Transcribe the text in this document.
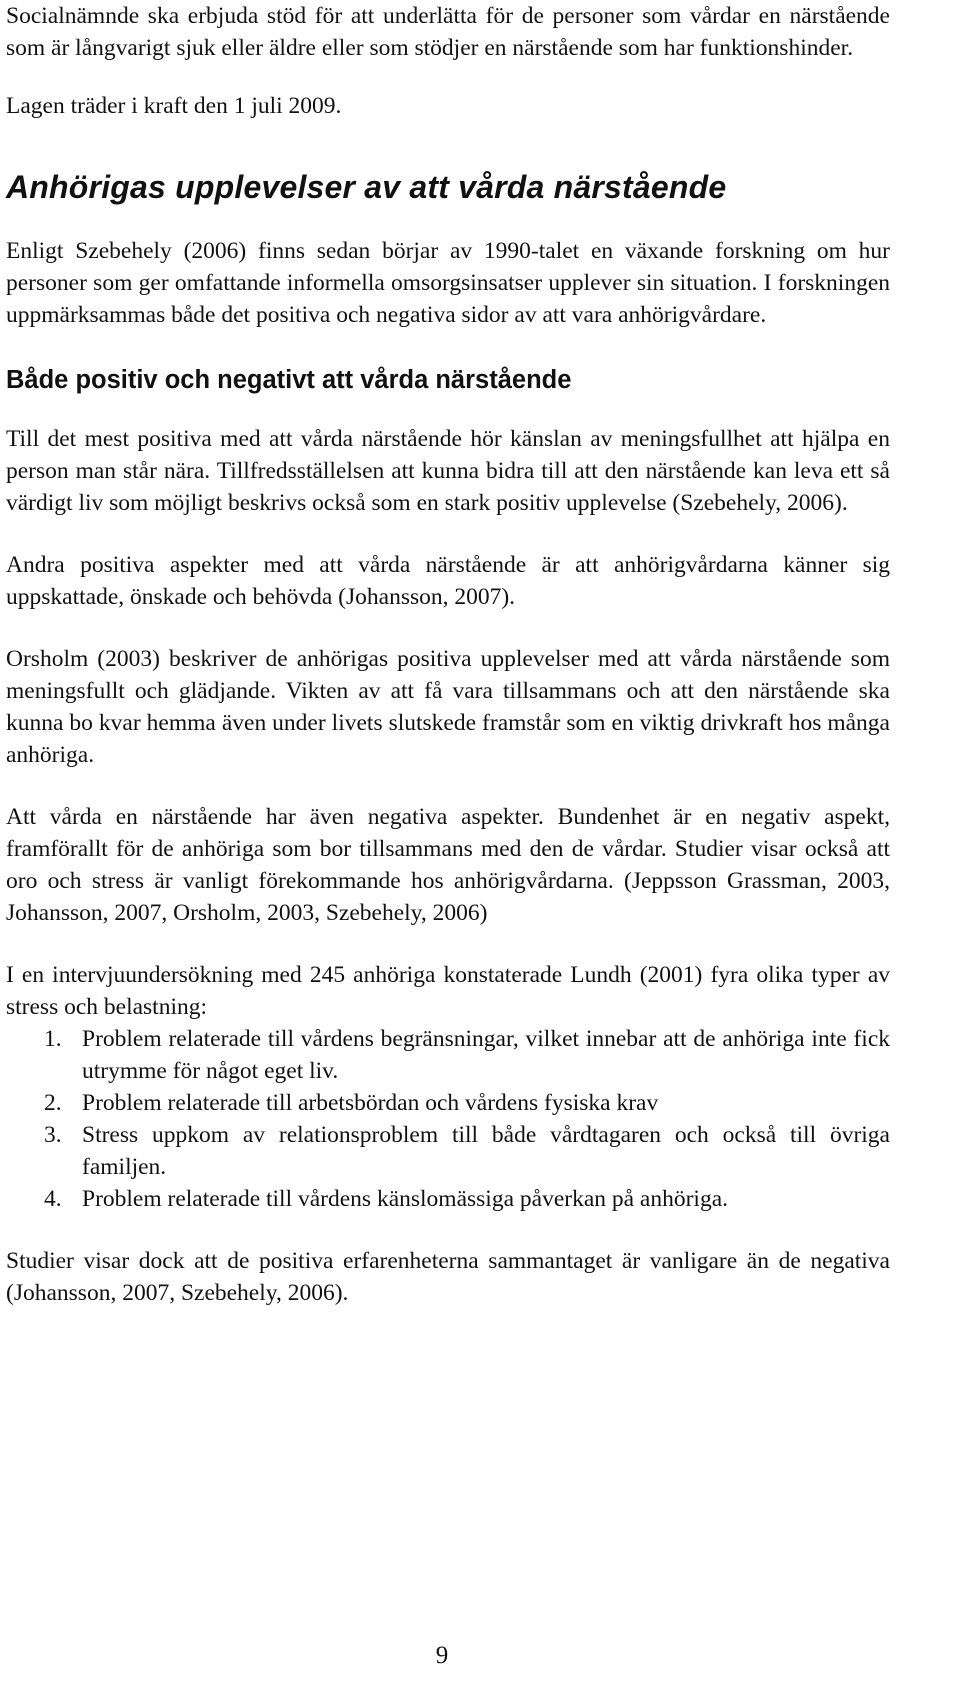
Socialnämnde ska erbjuda stöd för att underlätta för de personer som vårdar en närstående som är långvarigt sjuk eller äldre eller som stödjer en närstående som har funktionshinder.

Lagen träder i kraft den 1 juli 2009.

Anhörigas upplevelser av att vårda närstående

Enligt Szebehely (2006) finns sedan börjar av 1990-talet en växande forskning om hur personer som ger omfattande informella omsorgsinsatser upplever sin situation. I forskningen uppmärksammas både det positiva och negativa sidor av att vara anhörigvårdare.

Både positiv och negativt att vårda närstående

Till det mest positiva med att vårda närstående hör känslan av meningsfullhet att hjälpa en person man står nära. Tillfredsställelsen att kunna bidra till att den närstående kan leva ett så värdigt liv som möjligt beskrivs också som en stark positiv upplevelse (Szebehely, 2006).

Andra positiva aspekter med att vårda närstående är att anhörigvårdarna känner sig uppskattade, önskade och behövda (Johansson, 2007).

Orsholm (2003) beskriver de anhörigas positiva upplevelser med att vårda närstående som meningsfullt och glädjande. Vikten av att få vara tillsammans och att den närstående ska kunna bo kvar hemma även under livets slutskede framstår som en viktig drivkraft hos många anhöriga.

Att vårda en närstående har även negativa aspekter. Bundenhet är en negativ aspekt, framförallt för de anhöriga som bor tillsammans med den de vårdar. Studier visar också att oro och stress är vanligt förekommande hos anhörigvårdarna. (Jeppsson Grassman, 2003, Johansson, 2007, Orsholm, 2003, Szebehely, 2006)

I en intervjuundersökning med 245 anhöriga konstaterade Lundh (2001) fyra olika typer av stress och belastning:

1. Problem relaterade till vårdens begränsningar, vilket innebar att de anhöriga inte fick utrymme för något eget liv.
2. Problem relaterade till arbetsbördan och vårdens fysiska krav
3. Stress uppkom av relationsproblem till både vårdtagaren och också till övriga familjen.
4. Problem relaterade till vårdens känslomässiga påverkan på anhöriga.

Studier visar dock att de positiva erfarenheterna sammantaget är vanligare än de negativa (Johansson, 2007, Szebehely, 2006).

9
